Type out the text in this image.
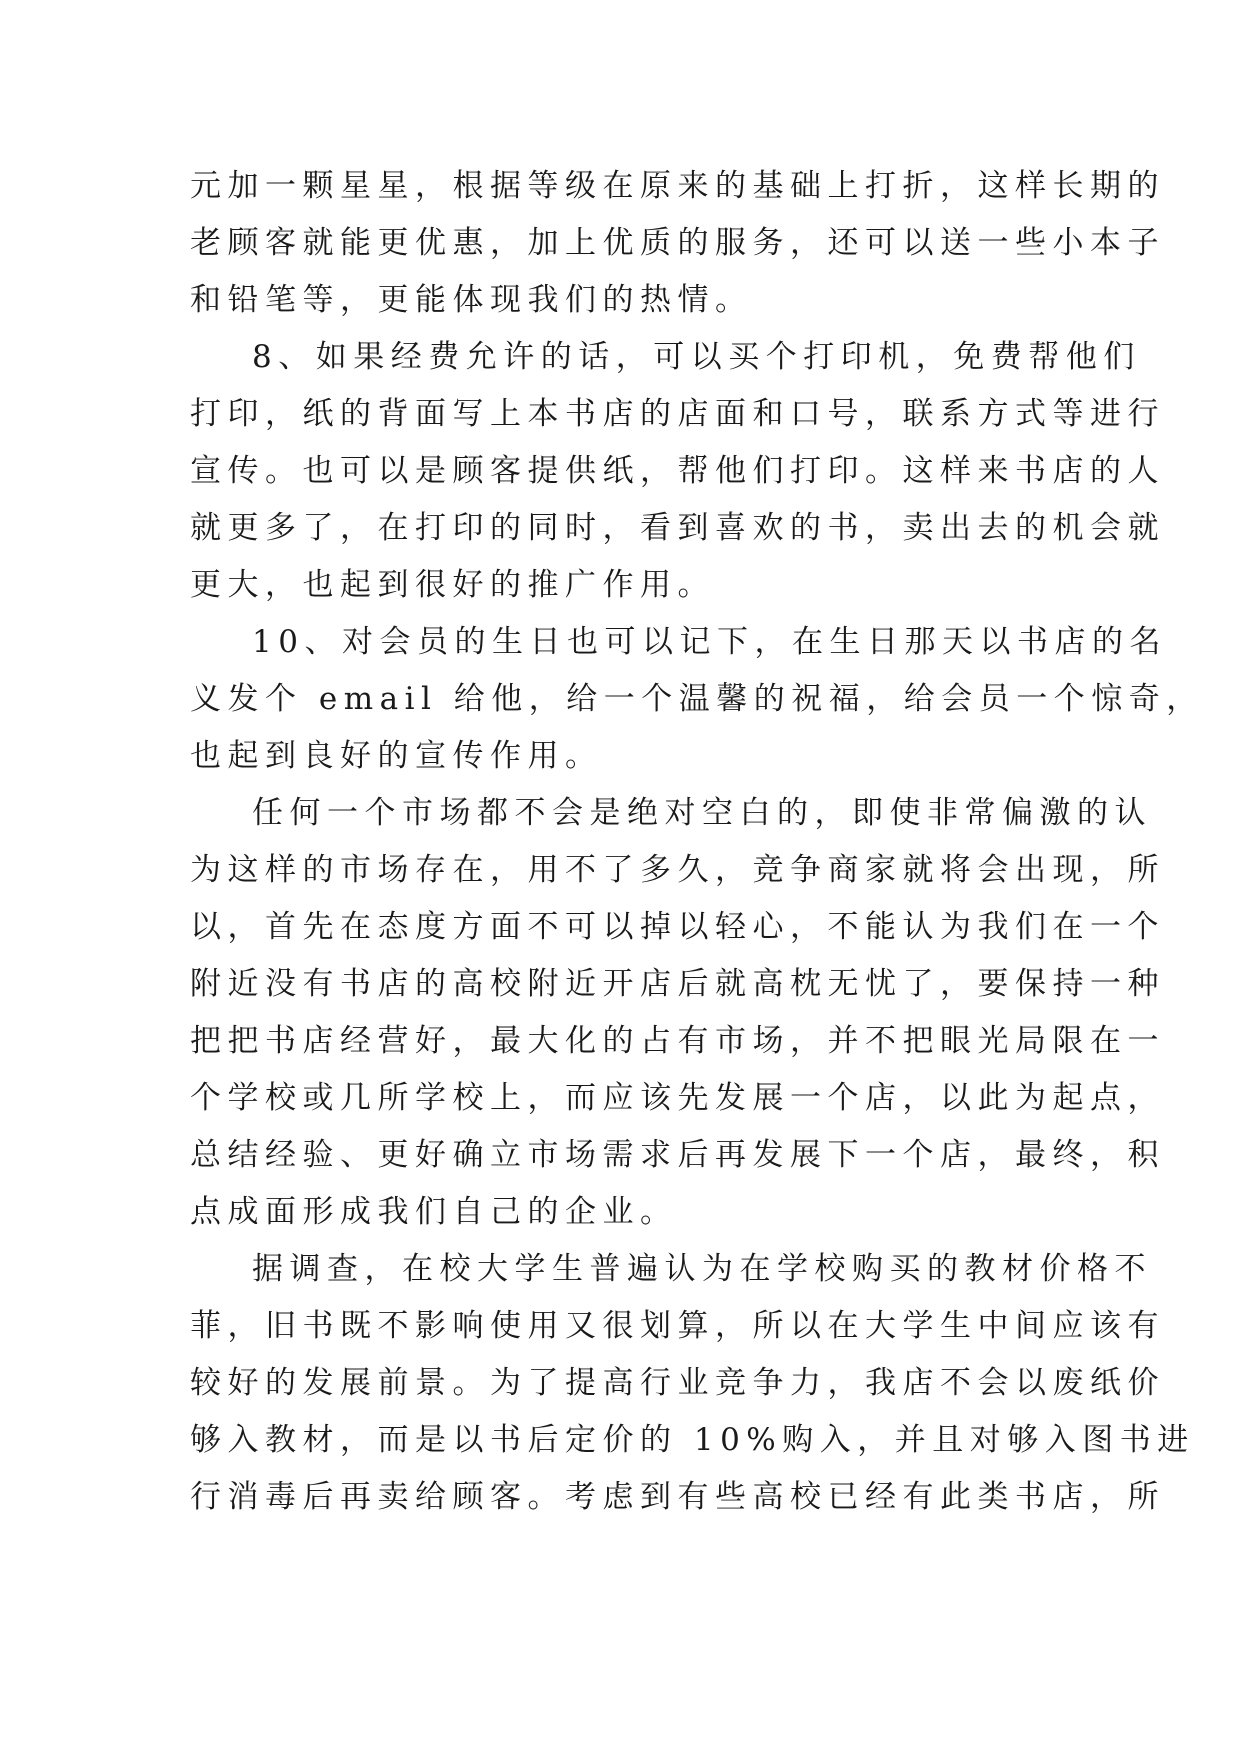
元加一颗星星，根据等级在原来的基础上打折，这样长期的
老顾客就能更优惠，加上优质的服务，还可以送一些小本子
和铅笔等，更能体现我们的热情。
8、如果经费允许的话，可以买个打印机，免费帮他们
打印，纸的背面写上本书店的店面和口号，联系方式等进行
宣传。也可以是顾客提供纸，帮他们打印。这样来书店的人
就更多了，在打印的同时，看到喜欢的书，卖出去的机会就
更大，也起到很好的推广作用。
10、对会员的生日也可以记下，在生日那天以书店的名
义发个 email 给他，给一个温馨的祝福，给会员一个惊奇，
也起到良好的宣传作用。
任何一个市场都不会是绝对空白的，即使非常偏激的认
为这样的市场存在，用不了多久，竞争商家就将会出现，所
以，首先在态度方面不可以掉以轻心，不能认为我们在一个
附近没有书店的高校附近开店后就高枕无忧了，要保持一种
把把书店经营好，最大化的占有市场，并不把眼光局限在一
个学校或几所学校上，而应该先发展一个店，以此为起点，
总结经验、更好确立市场需求后再发展下一个店，最终，积
点成面形成我们自己的企业。
据调查，在校大学生普遍认为在学校购买的教材价格不
菲，旧书既不影响使用又很划算，所以在大学生中间应该有
较好的发展前景。为了提高行业竞争力，我店不会以废纸价
够入教材，而是以书后定价的 10%购入，并且对够入图书进
行消毒后再卖给顾客。考虑到有些高校已经有此类书店，所
